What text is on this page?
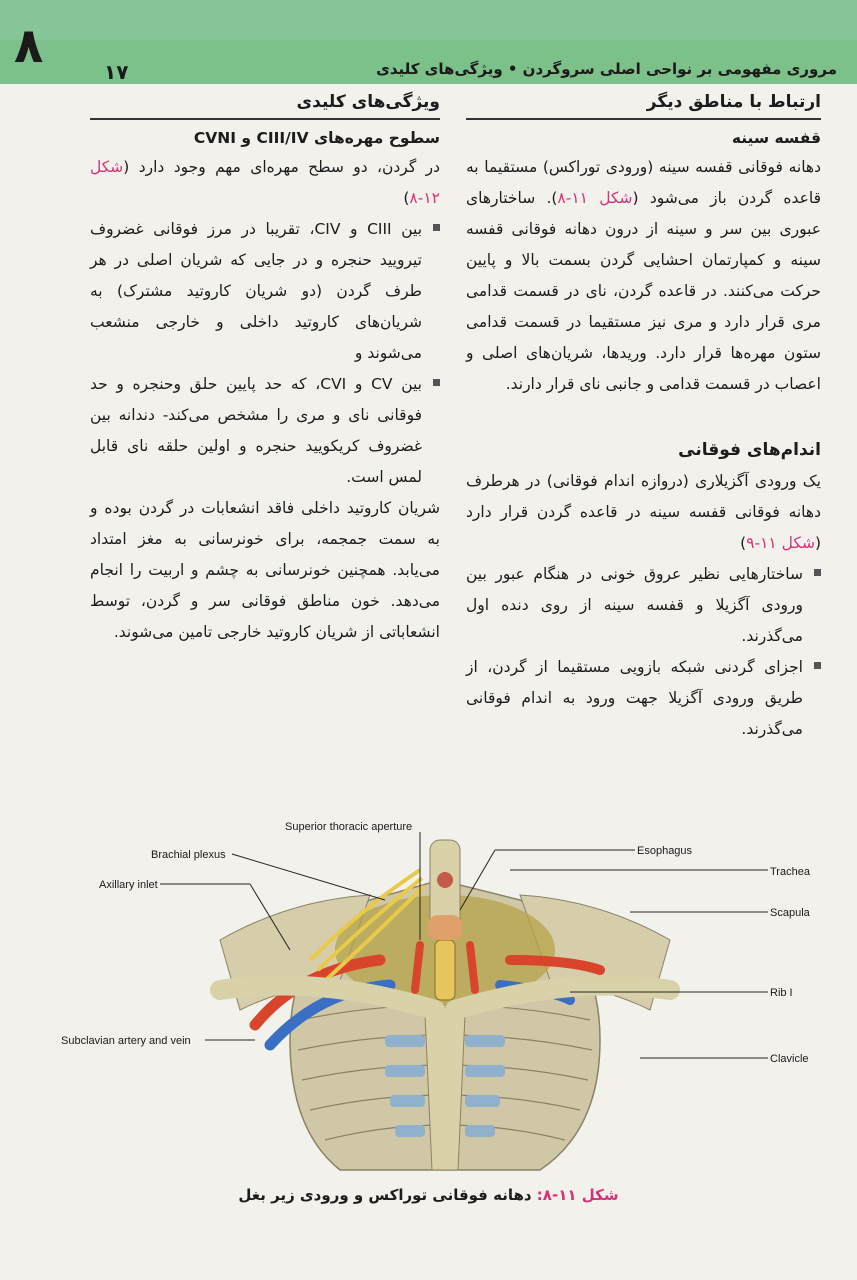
۸	۱۷	مروری مفهومی بر نواحی اصلی سروگردن • ویژگی‌های کلیدی
ارتباط با مناطق دیگر
قفسه سینه

دهانه فوقانی قفسه سینه (ورودی توراکس) مستقیما به قاعده گردن باز می‌شود (شکل ۱۱-۸). ساختارهای عبوری بین سر و سینه از درون دهانه فوقانی قفسه سینه و کمپارتمان احشایی گردن بسمت بالا و پایین حرکت می‌کنند. در قاعده گردن، نای در قسمت قدامی مری قرار دارد و مری نیز مستقیما در قسمت قدامی ستون مهره‌ها قرار دارد. وریدها، شریان‌های اصلی و اعصاب در قسمت قدامی و جانبی نای قرار دارند.

اندام‌های فوقانی

یک ورودی آگزیلاری (دروازه اندام فوقانی) در هرطرف دهانه فوقانی قفسه سینه در قاعده گردن قرار دارد (شکل ۱۱-۹)

ساختارهایی نظیر عروق خونی در هنگام عبور بین ورودی آگزیلا و قفسه سینه از روی دنده اول می‌گذرند.
اجزای گردنی شبکه بازویی مستقیما از گردن، از طریق ورودی آگزیلا جهت ورود به اندام فوقانی می‌گذرند.
ویژگی‌های کلیدی
سطوح مهره‌های CIII/IV و CVNI

در گردن، دو سطح مهره‌ای مهم وجود دارد (شکل ۱۲-۸)

بین CIII و CIV، تقریبا در مرز فوقانی غضروف تیرویید حنجره و در جایی که شریان اصلی در هر طرف گردن (دو شریان کاروتید مشترک) به شریان‌های کاروتید داخلی و خارجی منشعب می‌شوند و
بین CV و CVI، که حد پایین حلق وحنجره و حد فوقانی نای و مری را مشخص می‌کند- دندانه بین غضروف کریکویید حنجره و اولین حلقه نای قابل لمس است.

شریان کاروتید داخلی فاقد انشعابات در گردن بوده و به سمت جمجمه، برای خونرسانی به مغز امتداد می‌یابد. همچنین خونرسانی به چشم و اربیت را انجام می‌دهد. خون مناطق فوقانی سر و گردن، توسط انشعاباتی از شریان کاروتید خارجی تامین می‌شوند.

Superior thoracic aperture
Brachial plexus
Axillary inlet
Subclavian artery and vein
Esophagus
Trachea
Scapula
Rib I
Clavicle
شکل ۱۱-۸: دهانه فوقانی توراکس و ورودی زیر بغل
